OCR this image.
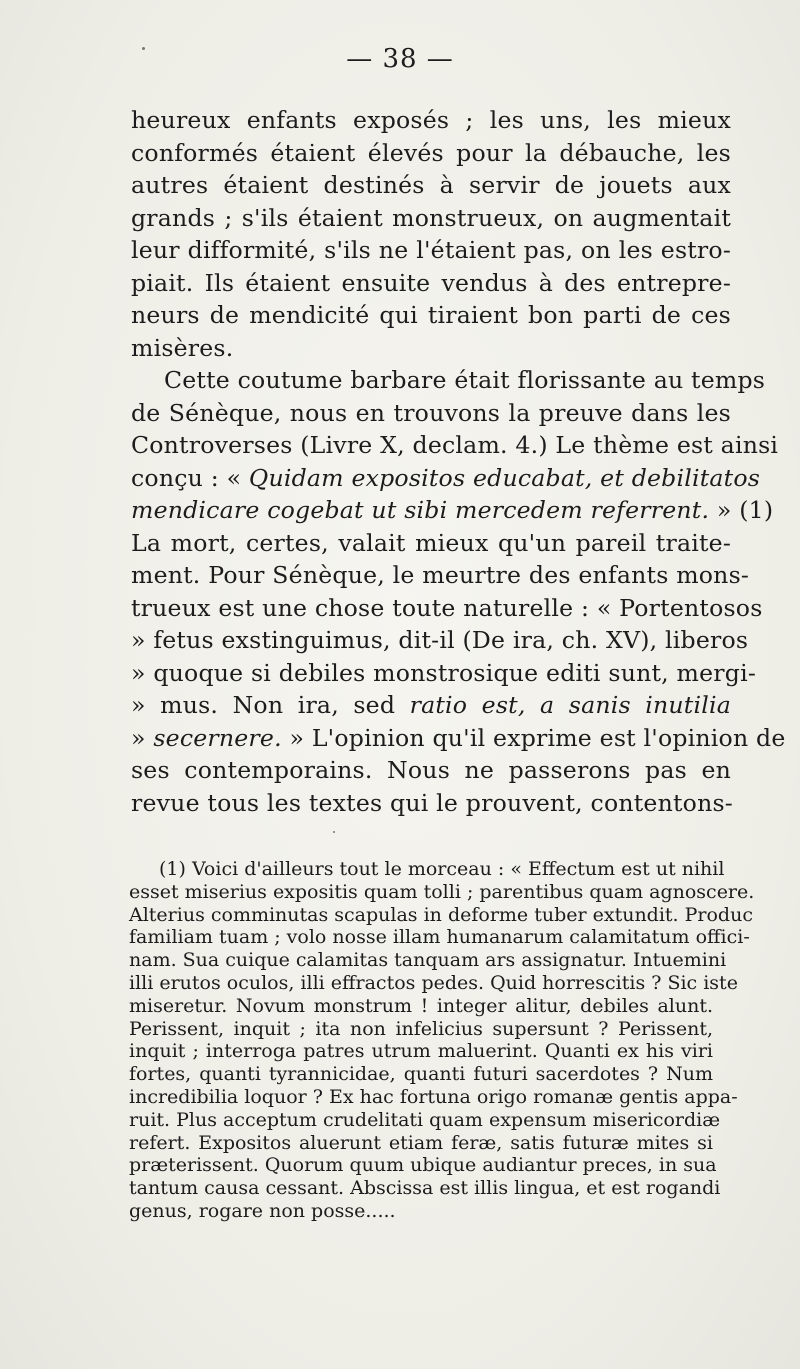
— 38 —
heureux enfants exposés ; les uns, les mieux
conformés étaient élevés pour la débauche, les
autres étaient destinés à servir de jouets aux
grands ; s'ils étaient monstrueux, on augmentait
leur difformité, s'ils ne l'étaient pas, on les estro-
piait. Ils étaient ensuite vendus à des entrepre-
neurs de mendicité qui tiraient bon parti de ces
misères.
Cette coutume barbare était florissante au temps
de Sénèque, nous en trouvons la preuve dans les
Controverses (Livre X, declam. 4.) Le thème est ainsi
conçu : « Quidam expositos educabat, et debilitatos
mendicare cogebat ut sibi mercedem referrent. » (1)
La mort, certes, valait mieux qu'un pareil traite-
ment. Pour Sénèque, le meurtre des enfants mons-
trueux est une chose toute naturelle : « Portentosos
» fetus exstinguimus, dit-il (De ira, ch. XV), liberos
» quoque si debiles monstrosique editi sunt, mergi-
» mus. Non ira, sed ratio est, a sanis inutilia
» secernere. » L'opinion qu'il exprime est l'opinion de
ses contemporains. Nous ne passerons pas en
revue tous les textes qui le prouvent, contentons-
(1) Voici d'ailleurs tout le morceau : « Effectum est ut nihil
esset miserius expositis quam tolli ; parentibus quam agnoscere.
Alterius comminutas scapulas in deforme tuber extundit. Produc
familiam tuam ; volo nosse illam humanarum calamitatum offici-
nam. Sua cuique calamitas tanquam ars assignatur. Intuemini
illi erutos oculos, illi effractos pedes. Quid horrescitis ? Sic iste
miseretur. Novum monstrum ! integer alitur, debiles alunt.
Perissent, inquit ; ita non infelicius supersunt ? Perissent,
inquit ; interroga patres utrum maluerint. Quanti ex his viri
fortes, quanti tyrannicidae, quanti futuri sacerdotes ? Num
incredibilia loquor ? Ex hac fortuna origo romanæ gentis appa-
ruit. Plus acceptum crudelitati quam expensum misericordiæ
refert. Expositos aluerunt etiam feræ, satis futuræ mites si
præterissent. Quorum quum ubique audiantur preces, in sua
tantum causa cessant. Abscissa est illis lingua, et est rogandi
genus, rogare non posse.....
